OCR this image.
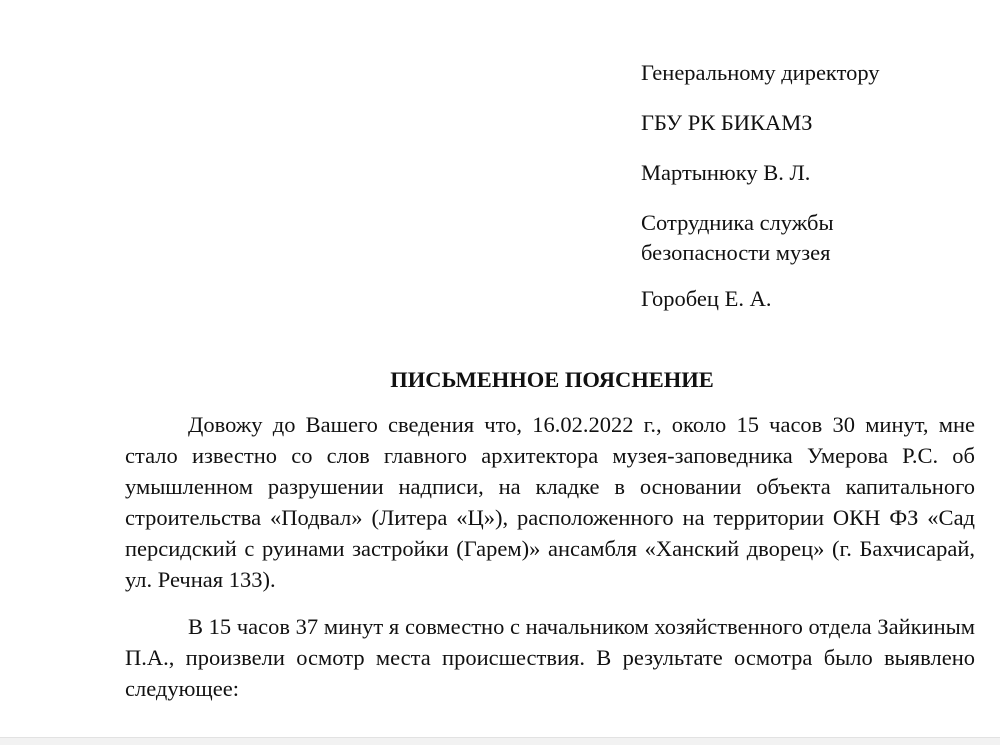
Генеральному директору
ГБУ РК БИКАМЗ
Мартынюку В. Л.
Сотрудника службы
безопасности музея
Горобец Е. А.
ПИСЬМЕННОЕ ПОЯСНЕНИЕ

Довожу до Вашего сведения что, 16.02.2022 г., около 15 часов 30 минут, мне стало известно со слов главного архитектора музея-заповедника Умерова Р.С. об умышленном разрушении надписи, на кладке в основании объекта капитального строительства «Подвал» (Литера «Ц»), расположенного на территории ОКН ФЗ «Сад персидский с руинами застройки (Гарем)» ансамбля «Ханский дворец» (г. Бахчисарай, ул. Речная 133).

В 15 часов 37 минут я совместно с начальником хозяйственного отдела Зайкиным П.А., произвели осмотр места происшествия. В результате осмотра было выявлено следующее:
